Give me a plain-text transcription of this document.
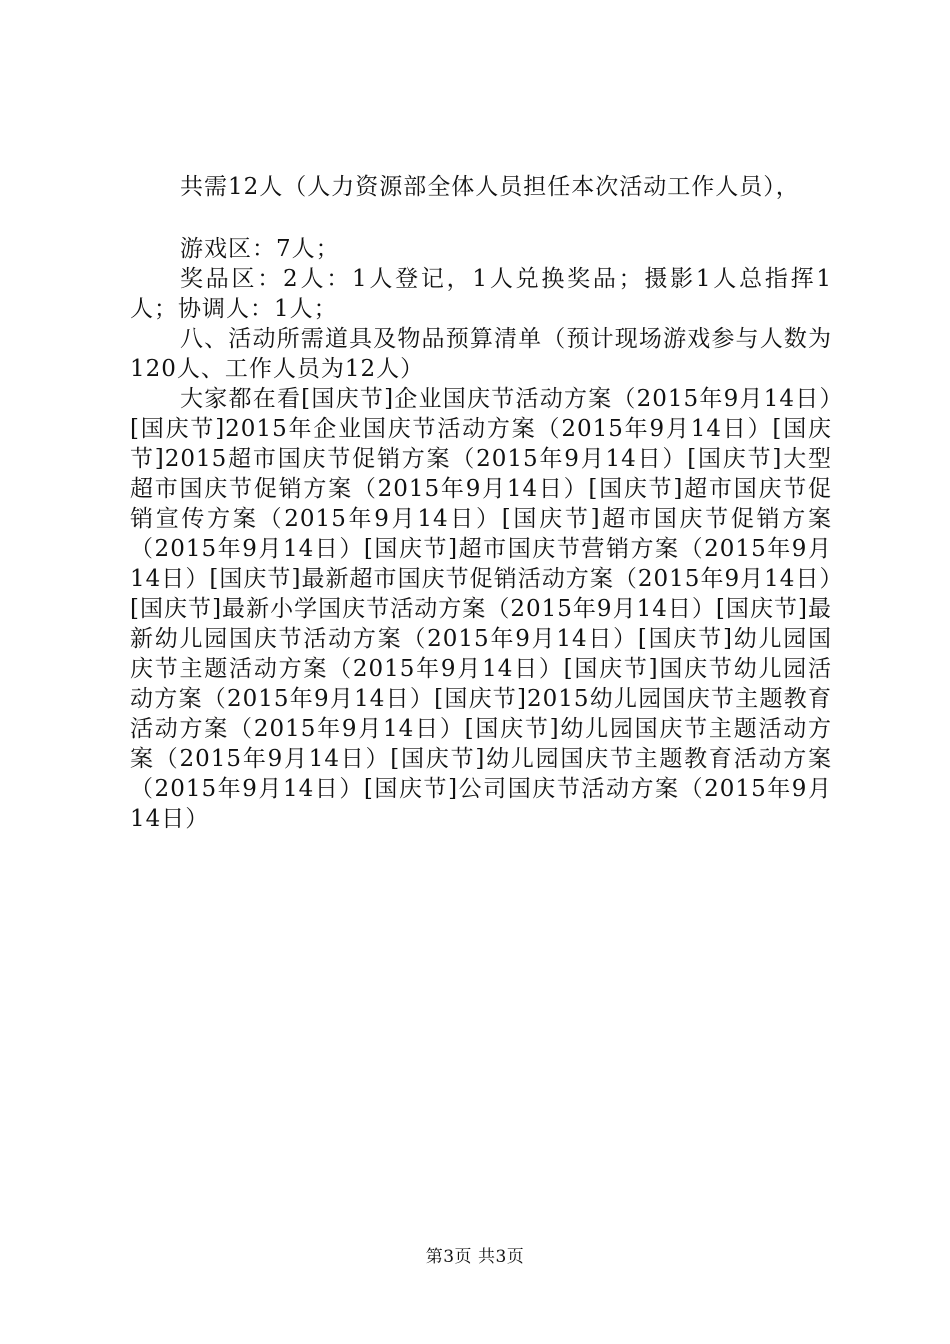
共需12人（人力资源部全体人员担任本次活动工作人员），

游戏区：7人；

奖品区：2人：1人登记，1人兑换奖品；摄影1人总指挥1人；协调人：1人；

八、活动所需道具及物品预算清单（预计现场游戏参与人数为120人、工作人员为12人）

大家都在看[国庆节]企业国庆节活动方案（2015年9月14日）[国庆节]2015年企业国庆节活动方案（2015年9月14日）[国庆节]2015超市国庆节促销方案（2015年9月14日）[国庆节]大型超市国庆节促销方案（2015年9月14日）[国庆节]超市国庆节促销宣传方案（2015年9月14日）[国庆节]超市国庆节促销方案（2015年9月14日）[国庆节]超市国庆节营销方案（2015年9月14日）[国庆节]最新超市国庆节促销活动方案（2015年9月14日）[国庆节]最新小学国庆节活动方案（2015年9月14日）[国庆节]最新幼儿园国庆节活动方案（2015年9月14日）[国庆节]幼儿园国庆节主题活动方案（2015年9月14日）[国庆节]国庆节幼儿园活动方案（2015年9月14日）[国庆节]2015幼儿园国庆节主题教育活动方案（2015年9月14日）[国庆节]幼儿园国庆节主题活动方案（2015年9月14日）[国庆节]幼儿园国庆节主题教育活动方案（2015年9月14日）[国庆节]公司国庆节活动方案（2015年9月14日）

第3页 共3页
